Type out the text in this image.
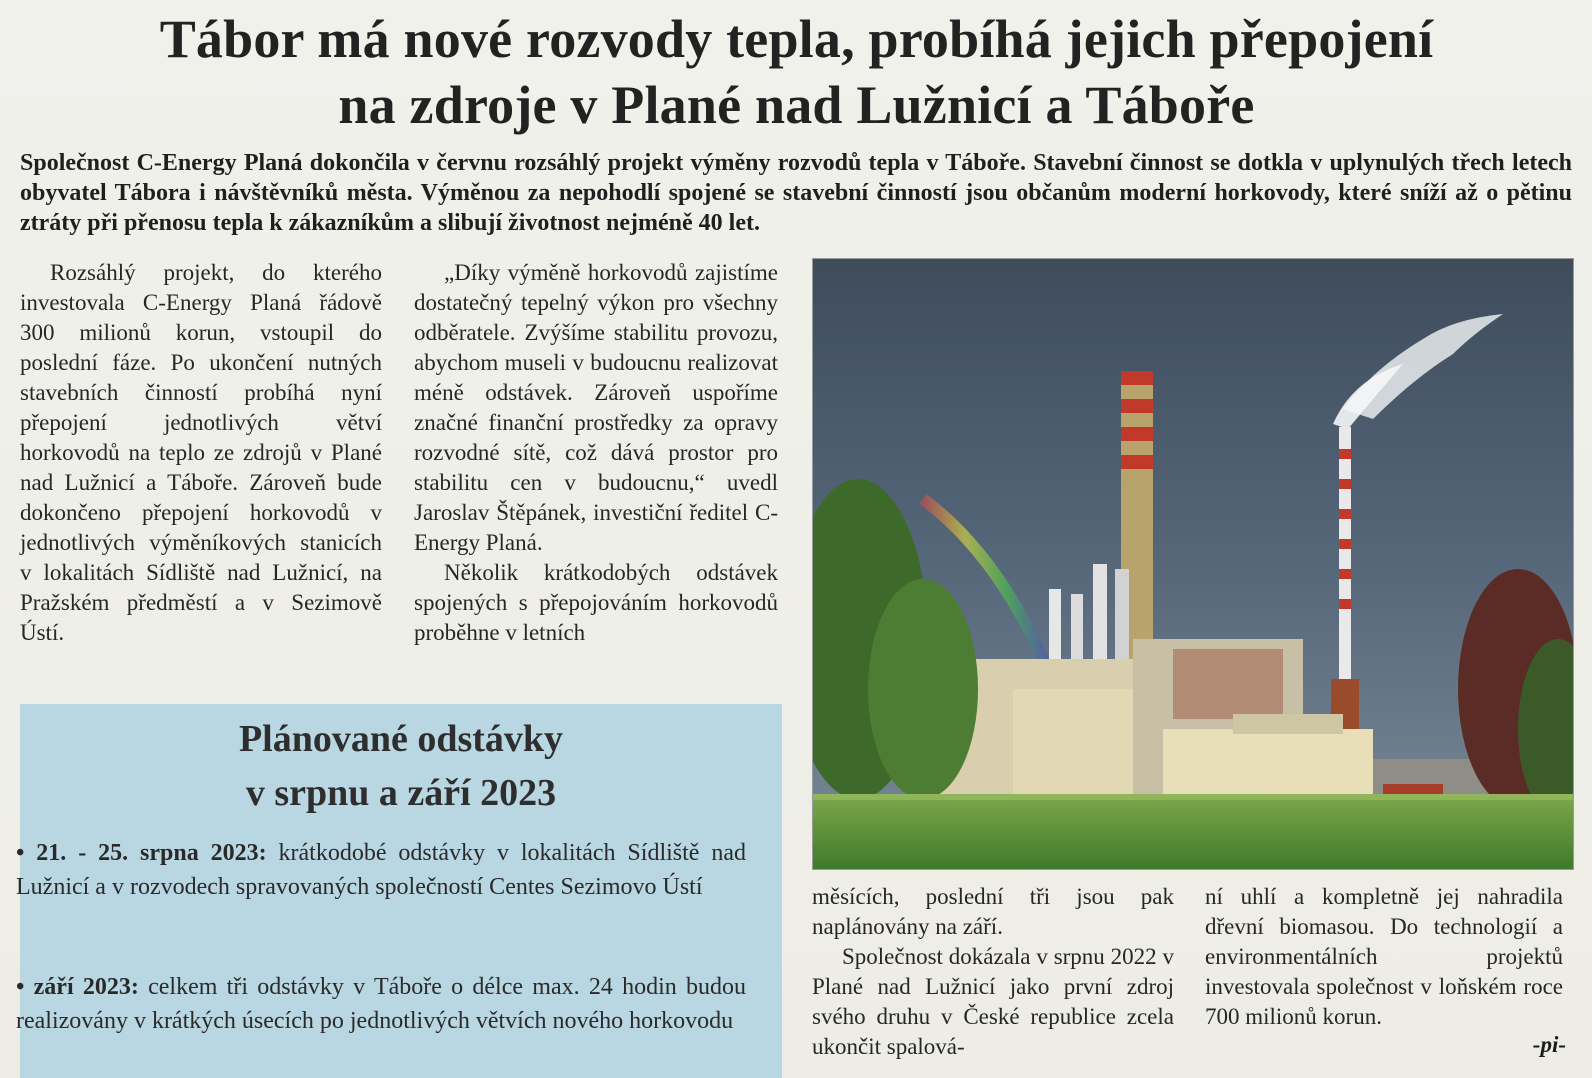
Tábor má nové rozvody tepla, probíhá jejich přepojení
na zdroje v Plané nad Lužnicí a Táboře
Společnost C-Energy Planá dokončila v červnu rozsáhlý projekt výměny rozvodů tepla v Táboře. Stavební činnost se dotkla v uplynulých třech letech obyvatel Tábora i návštěvníků města. Výměnou za nepohodlí spojené se stavební činností jsou občanům moderní horkovody, které sníží až o pětinu ztráty při přenosu tepla k zákazníkům a slibují životnost nejméně 40 let.

Rozsáhlý projekt, do kterého investovala C-Energy Planá řádově 300 milionů korun, vstoupil do poslední fáze. Po ukončení nutných stavebních činností probíhá nyní přepojení jednotlivých větví horkovodů na teplo ze zdrojů v Plané nad Lužnicí a Táboře. Zároveň bude dokončeno přepojení horkovodů v jednotlivých výměníkových stanicích v lokalitách Sídliště nad Lužnicí, na Pražském předměstí a v Sezimově Ústí.

„Díky výměně horkovodů zajistíme dostatečný tepelný výkon pro všechny odběratele. Zvýšíme stabilitu provozu, abychom museli v budoucnu realizovat méně odstávek. Zároveň uspoříme značné finanční prostředky za opravy rozvodné sítě, což dává prostor pro stabilitu cen v budoucnu,“ uvedl Jaroslav Štěpánek, investiční ředitel C-Energy Planá.

Několik krátkodobých odstávek spojených s přepojováním horkovodů proběhne v letních

Plánované odstávky
v srpnu a září 2023
• 21. - 25. srpna 2023: krátkodobé odstávky v lokalitách Sídliště nad Lužnicí a v rozvodech spravovaných společností Centes Sezimovo Ústí
• září 2023: celkem tři odstávky v Táboře o délce max. 24 hodin budou realizovány v krátkých úsecích po jednotlivých větvích nového horkovodu

měsících, poslední tři jsou pak naplánovány na září.

Společnost dokázala v srpnu 2022 v Plané nad Lužnicí jako první zdroj svého druhu v České republice zcela ukončit spalová-

ní uhlí a kompletně jej nahradila dřevní biomasou. Do technologií a environmentálních projektů investovala společnost v loňském roce 700 milionů korun.

-pi-
